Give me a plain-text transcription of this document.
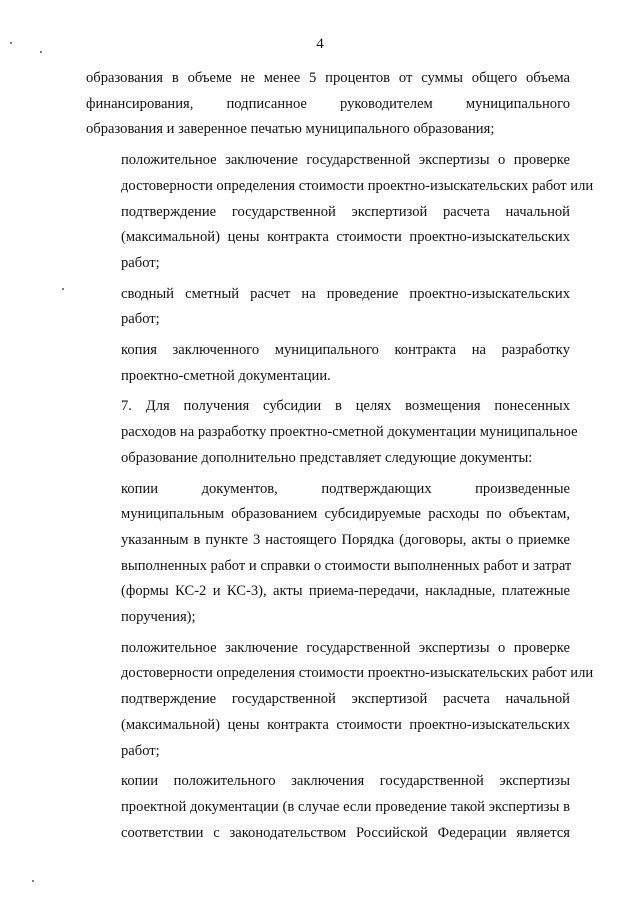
4

образования в объеме не менее 5 процентов от суммы общего объема
финансирования, подписанное руководителем муниципального
образования и заверенное печатью муниципального образования;

положительное заключение государственной экспертизы о проверке
достоверности определения стоимости проектно-изыскательских работ или
подтверждение государственной экспертизой расчета начальной
(максимальной) цены контракта стоимости проектно-изыскательских
работ;

сводный сметный расчет на проведение проектно-изыскательских
работ;

копия заключенного муниципального контракта на разработку
проектно-сметной документации.

7. Для получения субсидии в целях возмещения понесенных
расходов на разработку проектно-сметной документации муниципальное
образование дополнительно представляет следующие документы:

копии документов, подтверждающих произведенные
муниципальным образованием субсидируемые расходы по объектам,
указанным в пункте 3 настоящего Порядка (договоры, акты о приемке
выполненных работ и справки о стоимости выполненных работ и затрат
(формы КС-2 и КС-3), акты приема-передачи, накладные, платежные
поручения);

положительное заключение государственной экспертизы о проверке
достоверности определения стоимости проектно-изыскательских работ или
подтверждение государственной экспертизой расчета начальной
(максимальной) цены контракта стоимости проектно-изыскательских
работ;

копии положительного заключения государственной экспертизы
проектной документации (в случае если проведение такой экспертизы в
соответствии с законодательством Российской Федерации является
